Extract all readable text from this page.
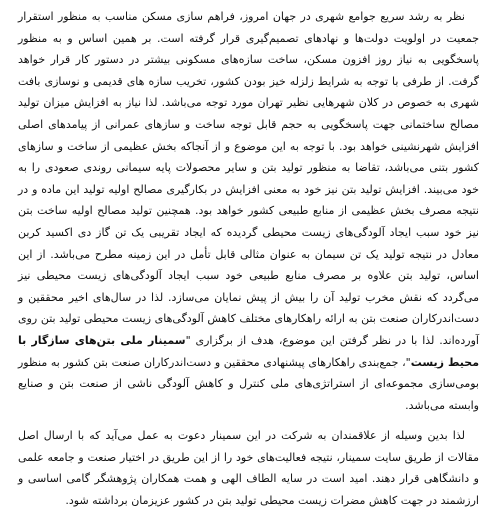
نظر به رشد سریع جوامع شهری در جهان امروز، فراهم سازی مسکن مناسب به منظور استقرار جمعیت در اولویت دولت‌ها و نهادهای تصمیم‌گیری قرار گرفته است. بر همین اساس و به منظور پاسخگویی به نیاز روز افزون مسکن، ساخت سازه‌های مسکونی بیشتر در دستور کار قرار خواهد گرفت. از طرفی با توجه به شرایط زلزله خیز بودن کشور، تخریب سازه های قدیمی و نوسازی بافت شهری به خصوص در کلان شهرهایی نظیر تهران مورد توجه می‌باشد. لذا نیاز به افزایش میزان تولید مصالح ساختمانی جهت پاسخگویی به حجم قابل توجه ساخت و سازهای عمرانی از پیامدهای اصلی افزایش شهرنشینی خواهد بود. با توجه به این موضوع و از آنجاکه بخش عظیمی از ساخت و سازهای کشور بتنی می‌باشد، تقاضا به منظور تولید بتن و سایر محصولات پایه سیمانی روندی صعودی را به خود می‌بیند. افزایش تولید بتن نیز خود به معنی افزایش در بکارگیری مصالح اولیه تولید این ماده و در نتیجه مصرف بخش عظیمی از منابع طبیعی کشور خواهد بود. همچنین تولید مصالح اولیه ساخت بتن نیز خود سبب ایجاد آلودگی‌های زیست محیطی گردیده که ایجاد تقریبی یک تن گاز دی اکسید کربن معادل در نتیجه تولید یک تن سیمان به عنوان مثالی قابل تأمل در این زمینه مطرح می‌باشد. از این اساس، تولید بتن علاوه بر مصرف منابع طبیعی خود سبب ایجاد آلودگی‌های زیست محیطی نیز می‌گردد که نقش مخرب تولید آن را بیش از پیش نمایان می‌سازد. لذا در سال‌های اخیر محققین و دست‌اندرکاران صنعت بتن به ارائه راهکارهای مختلف کاهش آلودگی‌های زیست محیطی تولید بتن روی آورده‌اند. لذا با در نظر گرفتن این موضوع، هدف از برگزاری "سمینار ملی بتن‌های سازگار با محیط زیست"، جمع‌بندی راهکارهای پیشنهادی محققین و دست‌اندرکاران صنعت بتن کشور به منظور بومی‌سازی مجموعه‌ای از استراتژی‌های ملی کنترل و کاهش آلودگی ناشی از صنعت بتن و صنایع وابسته می‌باشد.

لذا بدین وسیله از علاقمندان به شرکت در این سمینار دعوت به عمل می‌آید که با ارسال اصل مقالات از طریق سایت سمینار، نتیجه فعالیت‌های خود را از این طریق در اختیار صنعت و جامعه علمی و دانشگاهی قرار دهند. امید است در سایه الطاف الهی و همت همکاران پژوهشگر گامی اساسی و ارزشمند در جهت کاهش مضرات زیست محیطی تولید بتن در کشور عزیزمان برداشته شود.
